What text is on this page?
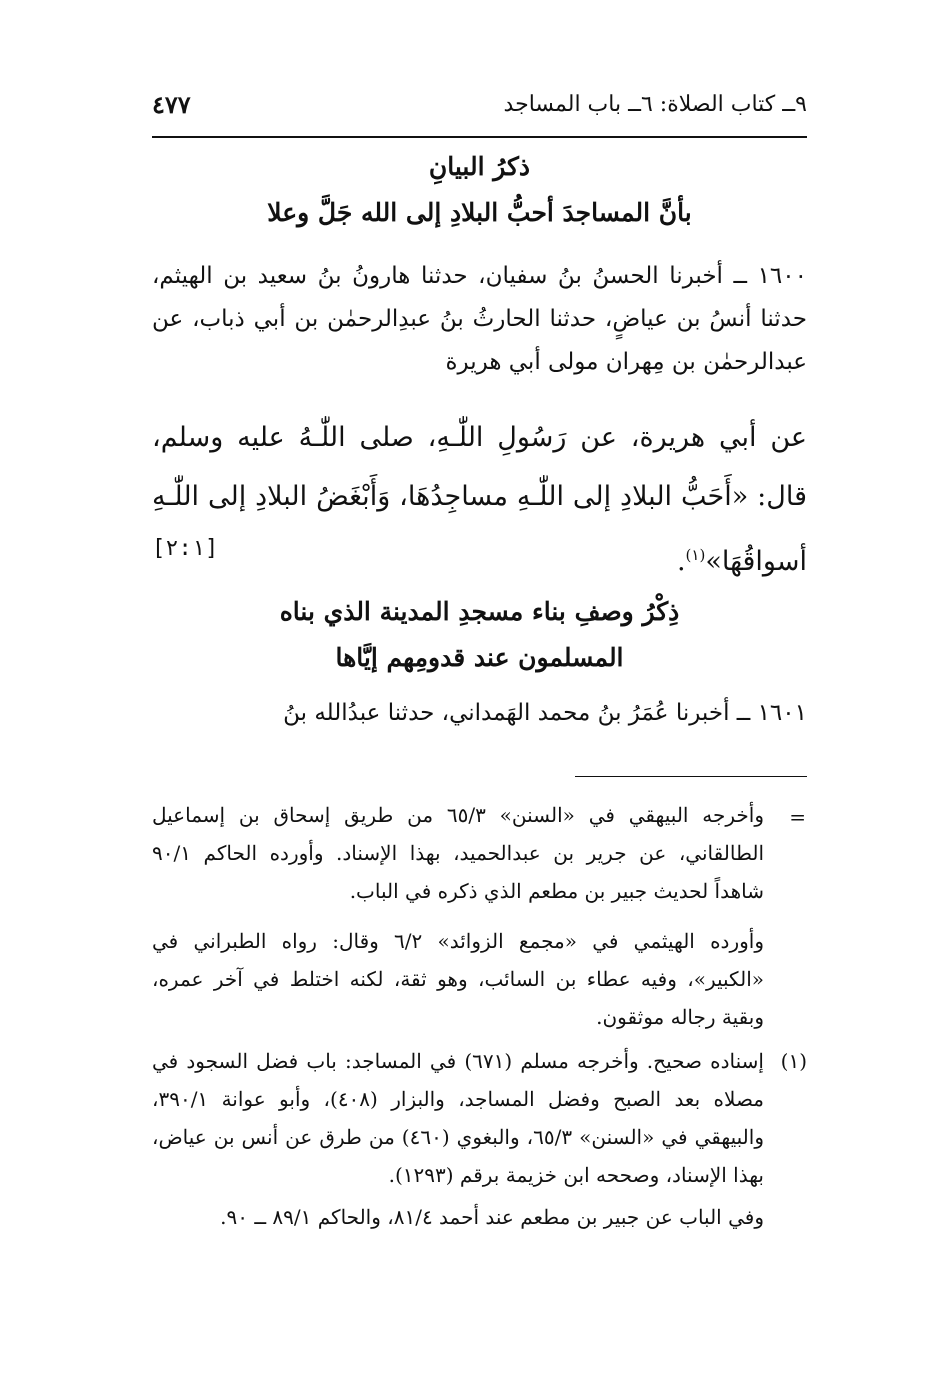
٩ــ كتاب الصلاة: ٦ــ باب المساجد
٤٧٧
ذكرُ البيانِ
بأنَّ المساجدَ أحبُّ البلادِ إلى الله جَلَّ وعلا
١٦٠٠ ــ أخبرنا الحسنُ بنُ سفيان، حدثنا هارونُ بنُ سعيد بن الهيثم، حدثنا أنسُ بن عياضٍ، حدثنا الحارثُ بنُ عبدِالرحمٰن بن أبي ذباب، عن عبدالرحمٰن بن مِهران مولى أبي هريرة
عن أبي هريرة، عن رَسُولِ اللّٰـهِ، صلى اللّٰـهُ عليه وسلم، قال: «أَحَبُّ البلادِ إلى اللّٰـهِ مساجِدُهَا، وَأَبْغَضُ البلادِ إلى اللّٰـهِ أسواقُهَا»$^{(١)}$.
[٢:١]
ذِكْرُ وصفِ بناء مسجدِ المدينة الذي بناه
المسلمون عند قدومِهم إيَّاها
١٦٠١ ــ أخبرنا عُمَرُ بنُ محمد الهَمداني، حدثنا عبدُالله بنُ
=
وأخرجه البيهقي في «السنن» ٦٥/٣ من طريق إسحاق بن إسماعيل الطالقاني، عن جرير بن عبدالحميد، بهذا الإسناد. وأورده الحاكم ٩٠/١ شاهداً لحديث جبير بن مطعم الذي ذكره في الباب.
وأورده الهيثمي في «مجمع الزوائد» ٦/٢ وقال: رواه الطبراني في «الكبير»، وفيه عطاء بن السائب، وهو ثقة، لكنه اختلط في آخر عمره، وبقية رجاله موثقون.
(١)
إسناده صحيح. وأخرجه مسلم (٦٧١) في المساجد: باب فضل السجود في مصلاه بعد الصبح وفضل المساجد، والبزار (٤٠٨)، وأبو عوانة ٣٩٠/١، والبيهقي في «السنن» ٦٥/٣، والبغوي (٤٦٠) من طرق عن أنس بن عياض، بهذا الإسناد، وصححه ابن خزيمة برقم (١٢٩٣).
وفي الباب عن جبير بن مطعم عند أحمد ٨١/٤، والحاكم ٨٩/١ ــ ٩٠.
